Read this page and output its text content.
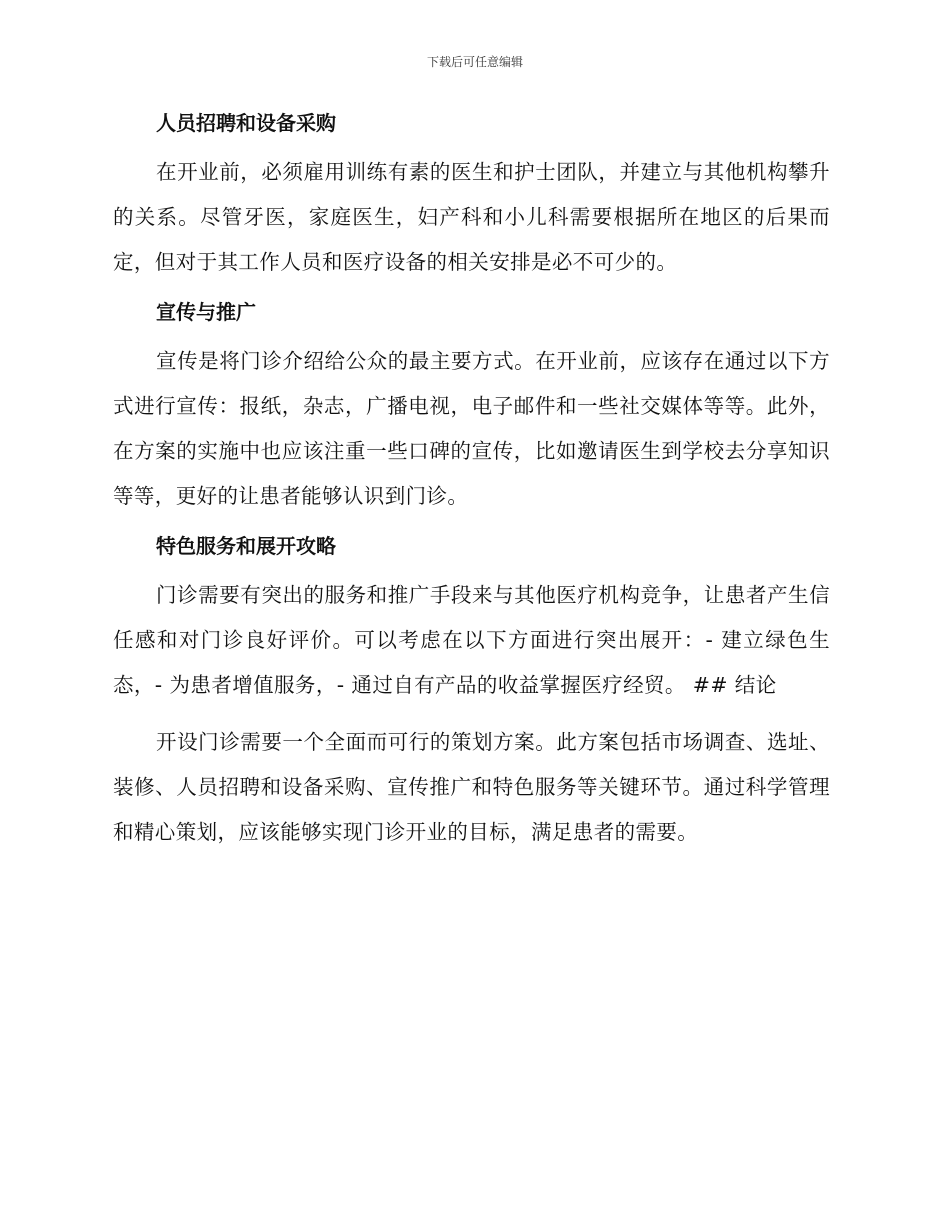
下载后可任意编辑
人员招聘和设备采购

在开业前，必须雇用训练有素的医生和护士团队，并建立与其他机构攀升的关系。尽管牙医，家庭医生，妇产科和小儿科需要根据所在地区的后果而定，但对于其工作人员和医疗设备的相关安排是必不可少的。

宣传与推广

宣传是将门诊介绍给公众的最主要方式。在开业前，应该存在通过以下方式进行宣传：报纸，杂志，广播电视，电子邮件和一些社交媒体等等。此外，在方案的实施中也应该注重一些口碑的宣传，比如邀请医生到学校去分享知识等等，更好的让患者能够认识到门诊。

特色服务和展开攻略

门诊需要有突出的服务和推广手段来与其他医疗机构竞争，让患者产生信任感和对门诊良好评价。可以考虑在以下方面进行突出展开：- 建立绿色生态，- 为患者增值服务，- 通过自有产品的收益掌握医疗经贸。 ## 结论

开设门诊需要一个全面而可行的策划方案。此方案包括市场调查、选址、装修、人员招聘和设备采购、宣传推广和特色服务等关键环节。通过科学管理和精心策划，应该能够实现门诊开业的目标，满足患者的需要。
